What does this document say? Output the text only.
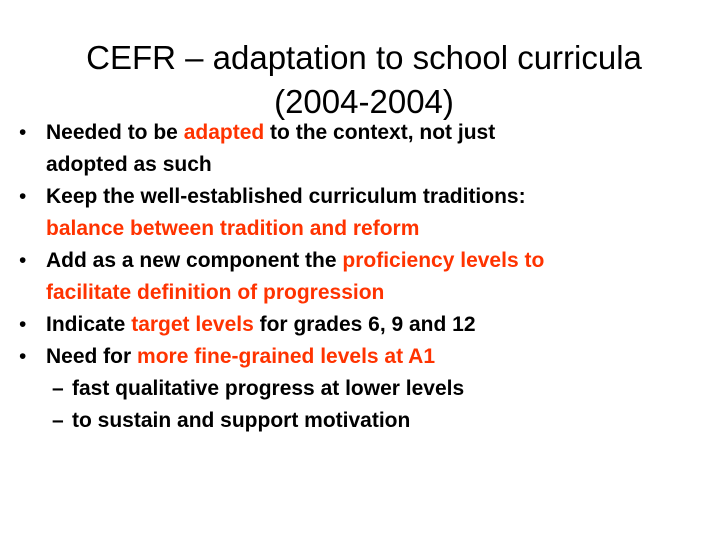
CEFR – adaptation to school curricula
(2004-2004)
• Needed to be adapted to the context, not just
adopted as such
• Keep the well-established curriculum traditions:
balance between tradition and reform
• Add as a new component the proficiency levels to
facilitate definition of progression
• Indicate target levels for grades 6, 9 and 12
• Need for more fine-grained levels at A1
– fast qualitative progress at lower levels
– to sustain and support motivation
